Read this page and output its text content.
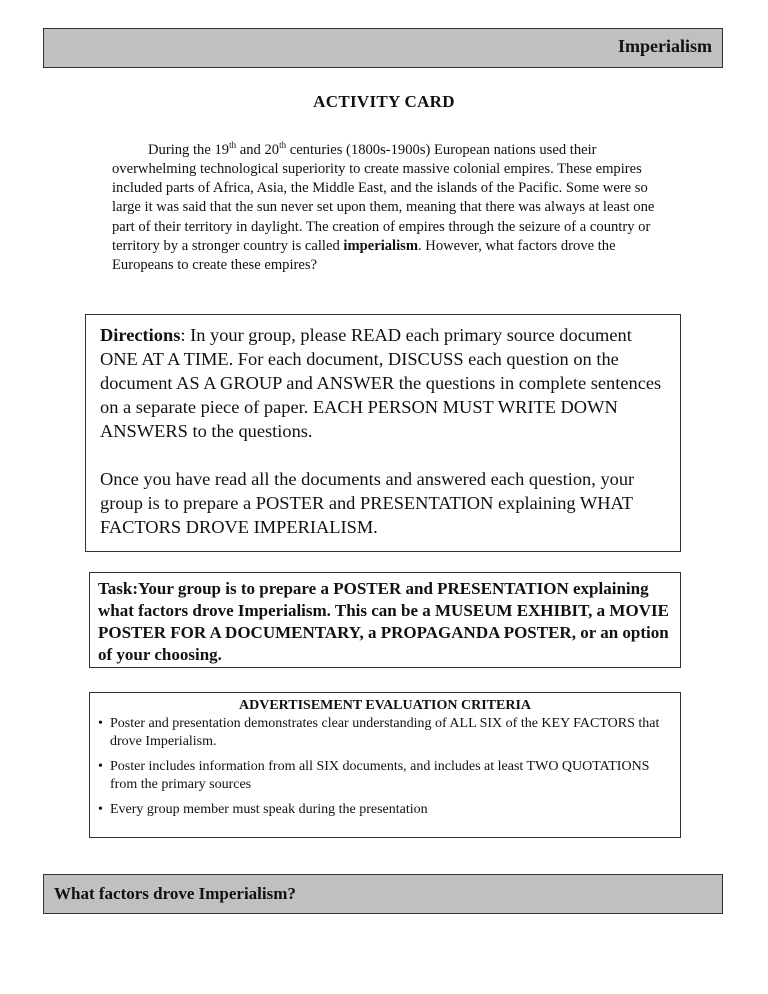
Imperialism
ACTIVITY CARD

During the 19th and 20th centuries (1800s-1900s) European nations used their overwhelming technological superiority to create massive colonial empires. These empires included parts of Africa, Asia, the Middle East, and the islands of the Pacific. Some were so large it was said that the sun never set upon them, meaning that there was always at least one part of their territory in daylight. The creation of empires through the seizure of a country or territory by a stronger country is called imperialism. However, what factors drove the Europeans to create these empires?

Directions: In your group, please READ each primary source document ONE AT A TIME. For each document, DISCUSS each question on the document AS A GROUP and ANSWER the questions in complete sentences on a separate piece of paper. EACH PERSON MUST WRITE DOWN ANSWERS to the questions.

Once you have read all the documents and answered each question, your group is to prepare a POSTER and PRESENTATION explaining WHAT FACTORS DROVE IMPERIALISM.

Task:Your group is to prepare a POSTER and PRESENTATION explaining what factors drove Imperialism. This can be a MUSEUM EXHIBIT, a MOVIE POSTER FOR A DOCUMENTARY, a PROPAGANDA POSTER, or an option of your choosing.
ADVERTISEMENT EVALUATION CRITERIA
• Poster and presentation demonstrates clear understanding of ALL SIX of the KEY FACTORS that drove Imperialism.
• Poster includes information from all SIX documents, and includes at least TWO QUOTATIONS from the primary sources
• Every group member must speak during the presentation
What factors drove Imperialism?
